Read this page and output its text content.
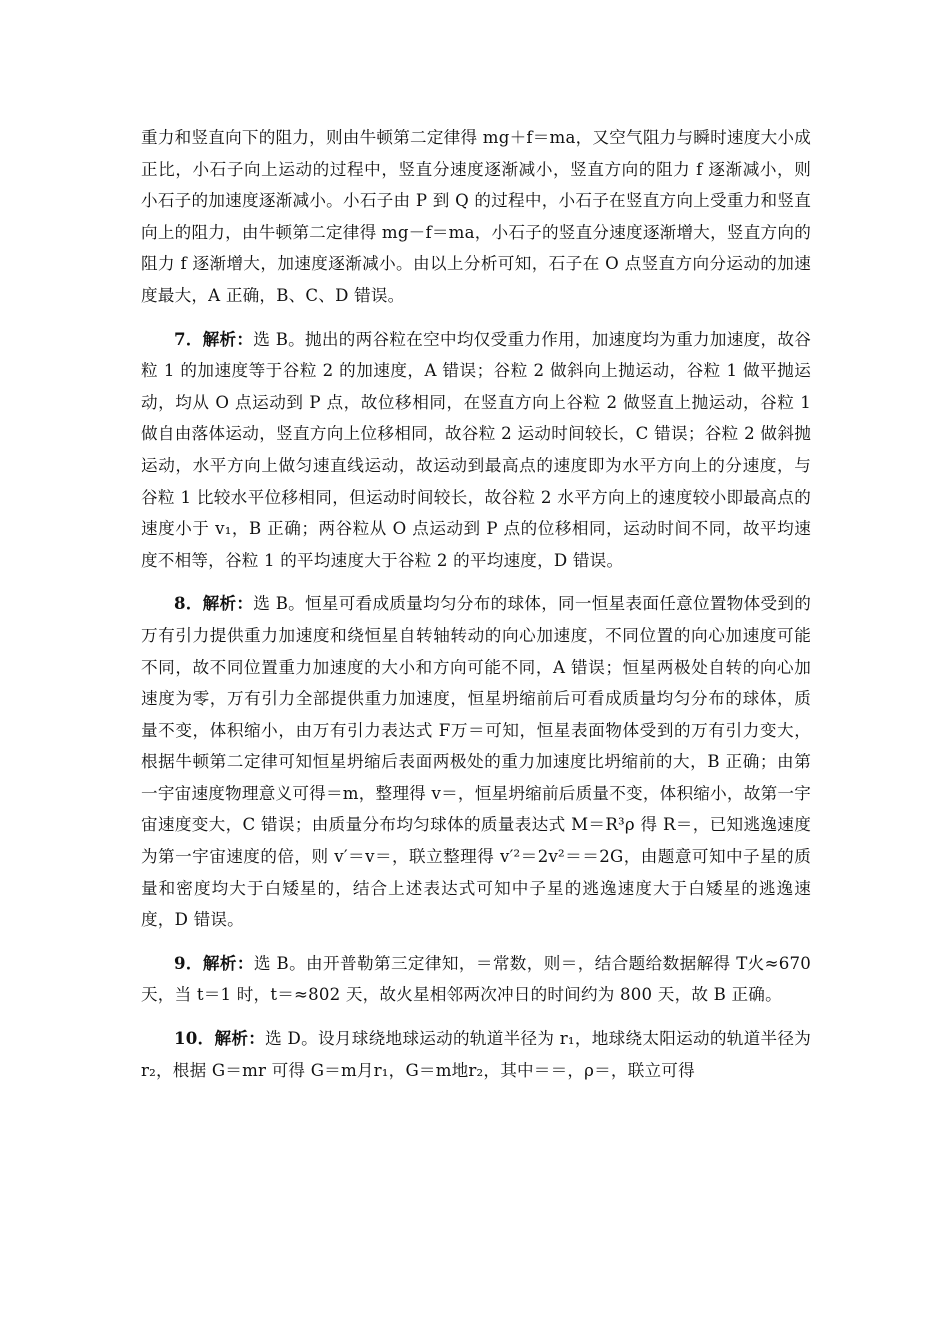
重力和竖直向下的阻力，则由牛顿第二定律得 mg＋f＝ma，又空气阻力与瞬时速度大小成正比，小石子向上运动的过程中，竖直分速度逐渐减小，竖直方向的阻力 f 逐渐减小，则小石子的加速度逐渐减小。小石子由 P 到 Q 的过程中，小石子在竖直方向上受重力和竖直向上的阻力，由牛顿第二定律得 mg－f＝ma，小石子的竖直分速度逐渐增大，竖直方向的阻力 f 逐渐增大，加速度逐渐减小。由以上分析可知，石子在 O 点竖直方向分运动的加速度最大，A 正确，B、C、D 错误。

7．解析：选 B。抛出的两谷粒在空中均仅受重力作用，加速度均为重力加速度，故谷粒 1 的加速度等于谷粒 2 的加速度，A 错误；谷粒 2 做斜向上抛运动，谷粒 1 做平抛运动，均从 O 点运动到 P 点，故位移相同，在竖直方向上谷粒 2 做竖直上抛运动，谷粒 1 做自由落体运动，竖直方向上位移相同，故谷粒 2 运动时间较长，C 错误；谷粒 2 做斜抛运动，水平方向上做匀速直线运动，故运动到最高点的速度即为水平方向上的分速度，与谷粒 1 比较水平位移相同，但运动时间较长，故谷粒 2 水平方向上的速度较小即最高点的速度小于 v₁，B 正确；两谷粒从 O 点运动到 P 点的位移相同，运动时间不同，故平均速度不相等，谷粒 1 的平均速度大于谷粒 2 的平均速度，D 错误。

8．解析：选 B。恒星可看成质量均匀分布的球体，同一恒星表面任意位置物体受到的万有引力提供重力加速度和绕恒星自转轴转动的向心加速度，不同位置的向心加速度可能不同，故不同位置重力加速度的大小和方向可能不同，A 错误；恒星两极处自转的向心加速度为零，万有引力全部提供重力加速度，恒星坍缩前后可看成质量均匀分布的球体，质量不变，体积缩小，由万有引力表达式 F万＝可知，恒星表面物体受到的万有引力变大，根据牛顿第二定律可知恒星坍缩后表面两极处的重力加速度比坍缩前的大，B 正确；由第一宇宙速度物理意义可得＝m，整理得 v＝，恒星坍缩前后质量不变，体积缩小，故第一宇宙速度变大，C 错误；由质量分布均匀球体的质量表达式 M＝R³ρ 得 R＝，已知逃逸速度为第一宇宙速度的倍，则 v′＝v＝，联立整理得 v′²＝2v²＝＝2G，由题意可知中子星的质量和密度均大于白矮星的，结合上述表达式可知中子星的逃逸速度大于白矮星的逃逸速度，D 错误。

9．解析：选 B。由开普勒第三定律知，＝常数，则＝，结合题给数据解得 T火≈670 天，当 t＝1 时，t＝≈802 天，故火星相邻两次冲日的时间约为 800 天，故 B 正确。

10．解析：选 D。设月球绕地球运动的轨道半径为 r₁，地球绕太阳运动的轨道半径为 r₂，根据 G＝mr 可得 G＝m月r₁，G＝m地r₂，其中＝＝，ρ＝，联立可得
